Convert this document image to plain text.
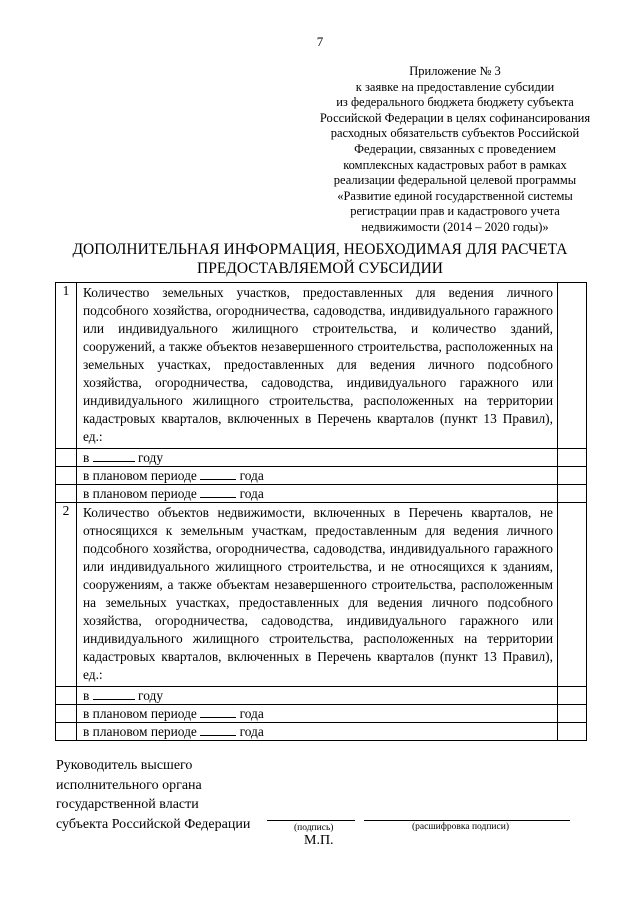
7
Приложение № 3
к заявке на предоставление субсидии
из федерального бюджета бюджету субъекта
Российской Федерации в целях софинансирования
расходных обязательств субъектов Российской
Федерации, связанных с проведением
комплексных кадастровых работ в рамках
реализации федеральной целевой программы
«Развитие единой государственной системы
регистрации прав и кадастрового учета
недвижимости (2014 – 2020 годы)»
ДОПОЛНИТЕЛЬНАЯ ИНФОРМАЦИЯ, НЕОБХОДИМАЯ ДЛЯ РАСЧЕТА
ПРЕДОСТАВЛЯЕМОЙ СУБСИДИИ
1	Количество земельных участков, предоставленных для ведения личного подсобного хозяйства, огородничества, садоводства, индивидуального гаражного или индивидуального жилищного строительства, и количество зданий, сооружений, а также объектов незавершенного строительства, расположенных на земельных участках, предоставленных для ведения личного подсобного хозяйства, огородничества, садоводства, индивидуального гаражного или индивидуального жилищного строительства, расположенных на территории кадастровых кварталов, включенных в Перечень кварталов (пункт 13 Правил), ед.:	

	в году	

	в плановом периоде года	

	в плановом периоде года	

2	Количество объектов недвижимости, включенных в Перечень кварталов, не относящихся к земельным участкам, предоставленным для ведения личного подсобного хозяйства, огородничества, садоводства, индивидуального гаражного или индивидуального жилищного строительства, и не относящихся к зданиям, сооружениям, а также объектам незавершенного строительства, расположенным на земельных участках, предоставленных для ведения личного подсобного хозяйства, огородничества, садоводства, индивидуального гаражного или индивидуального жилищного строительства, расположенных на территории кадастровых кварталов, включенных в Перечень кварталов (пункт 13 Правил), ед.:	

	в году	

	в плановом периоде года	

	в плановом периоде года	

Руководитель высшего
исполнительного органа
государственной власти
субъекта Российской Федерации	(подпись)	(расшифровка подписи)
М.П.
